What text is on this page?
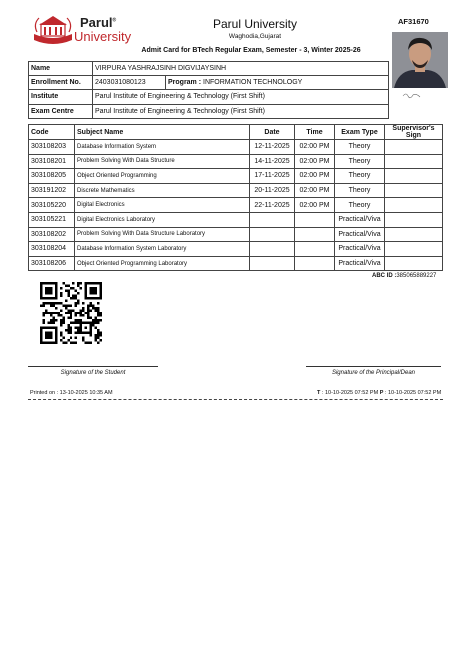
Parul®
University
Parul University
Waghodia,Gujarat
Admit Card for BTech Regular Exam, Semester - 3, Winter 2025-26
AF31670
Name	VIRPURA YASHRAJSINH DIGVIJAYSINH	
Enrollment No.	2403031080123	Program : INFORMATION TECHNOLOGY
Institute	Parul Institute of Engineering & Technology (First Shift)	
Exam Centre	Parul Institute of Engineering & Technology (First Shift)	
Code	Subject Name	Date	Time	Exam Type	Supervisor's Sign
303108203	Database Information System	12-11-2025	02:00 PM	Theory	
303108201	Problem Solving With Data Structure	14-11-2025	02:00 PM	Theory	
303108205	Object Oriented Programming	17-11-2025	02:00 PM	Theory	
303191202	Discrete Mathematics	20-11-2025	02:00 PM	Theory	
303105220	Digital Electronics	22-11-2025	02:00 PM	Theory	
303105221	Digital Electronics Laboratory			Practical/Viva	
303108202	Problem Solving With Data Structure Laboratory			Practical/Viva	
303108204	Database Information System Laboratory			Practical/Viva	
303108206	Object Oriented Programming Laboratory			Practical/Viva	
ABC ID :385065889227
Signature of the Student	Signature of the Principal/Dean
Printed on : 13-10-2025 10:35 AM	T : 10-10-2025 07:52 PM P : 10-10-2025 07:52 PM
